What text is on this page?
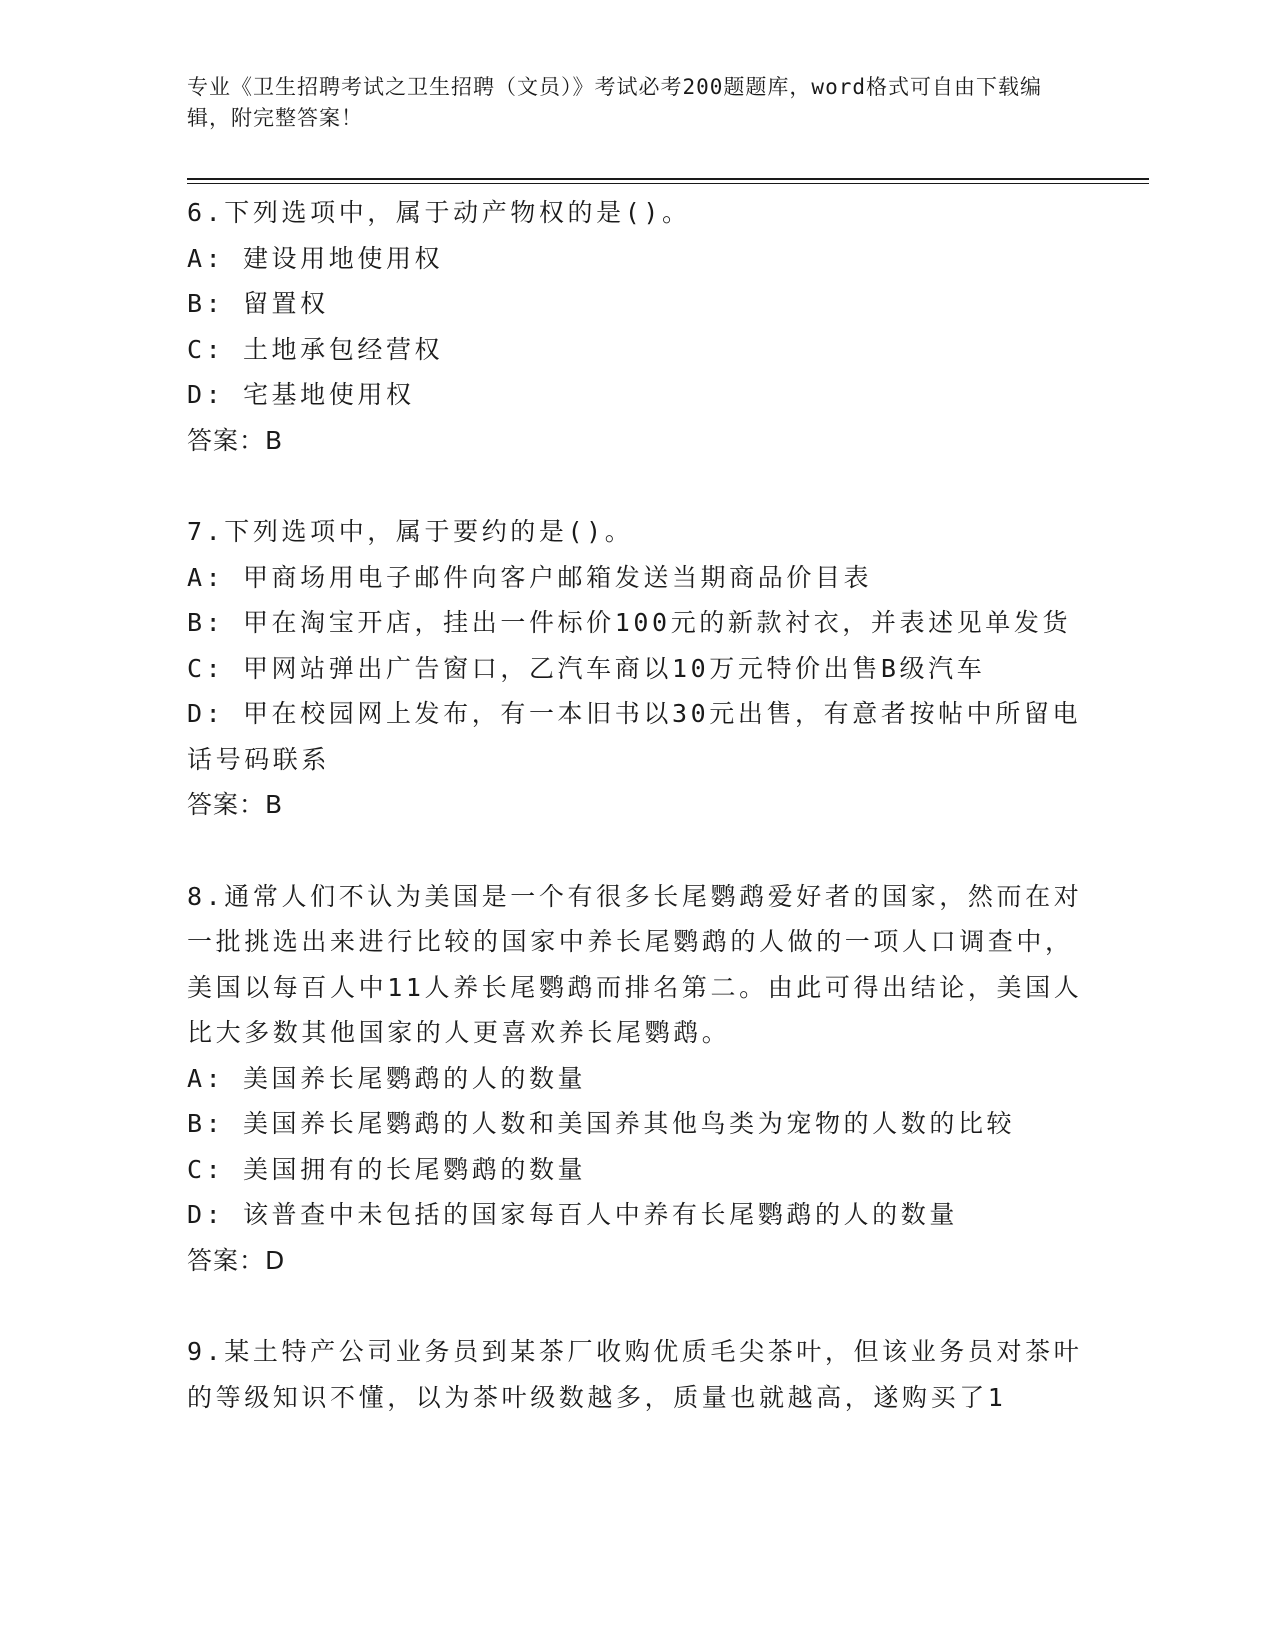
专业《卫生招聘考试之卫生招聘（文员）》考试必考200题题库，word格式可自由下载编辑，附完整答案！

6.下列选项中，属于动产物权的是()。

A: 建设用地使用权

B: 留置权

C: 土地承包经营权

D: 宅基地使用权

答案：B

7.下列选项中，属于要约的是()。

A: 甲商场用电子邮件向客户邮箱发送当期商品价目表

B: 甲在淘宝开店，挂出一件标价100元的新款衬衣，并表述见单发货

C: 甲网站弹出广告窗口，乙汽车商以10万元特价出售B级汽车

D: 甲在校园网上发布，有一本旧书以30元出售，有意者按帖中所留电话号码联系

答案：B

8.通常人们不认为美国是一个有很多长尾鹦鹉爱好者的国家，然而在对一批挑选出来进行比较的国家中养长尾鹦鹉的人做的一项人口调查中，美国以每百人中11人养长尾鹦鹉而排名第二。由此可得出结论，美国人比大多数其他国家的人更喜欢养长尾鹦鹉。

A: 美国养长尾鹦鹉的人的数量

B: 美国养长尾鹦鹉的人数和美国养其他鸟类为宠物的人数的比较

C: 美国拥有的长尾鹦鹉的数量

D: 该普查中未包括的国家每百人中养有长尾鹦鹉的人的数量

答案：D

9.某土特产公司业务员到某茶厂收购优质毛尖茶叶，但该业务员对茶叶的等级知识不懂，以为茶叶级数越多，质量也就越高，遂购买了1
